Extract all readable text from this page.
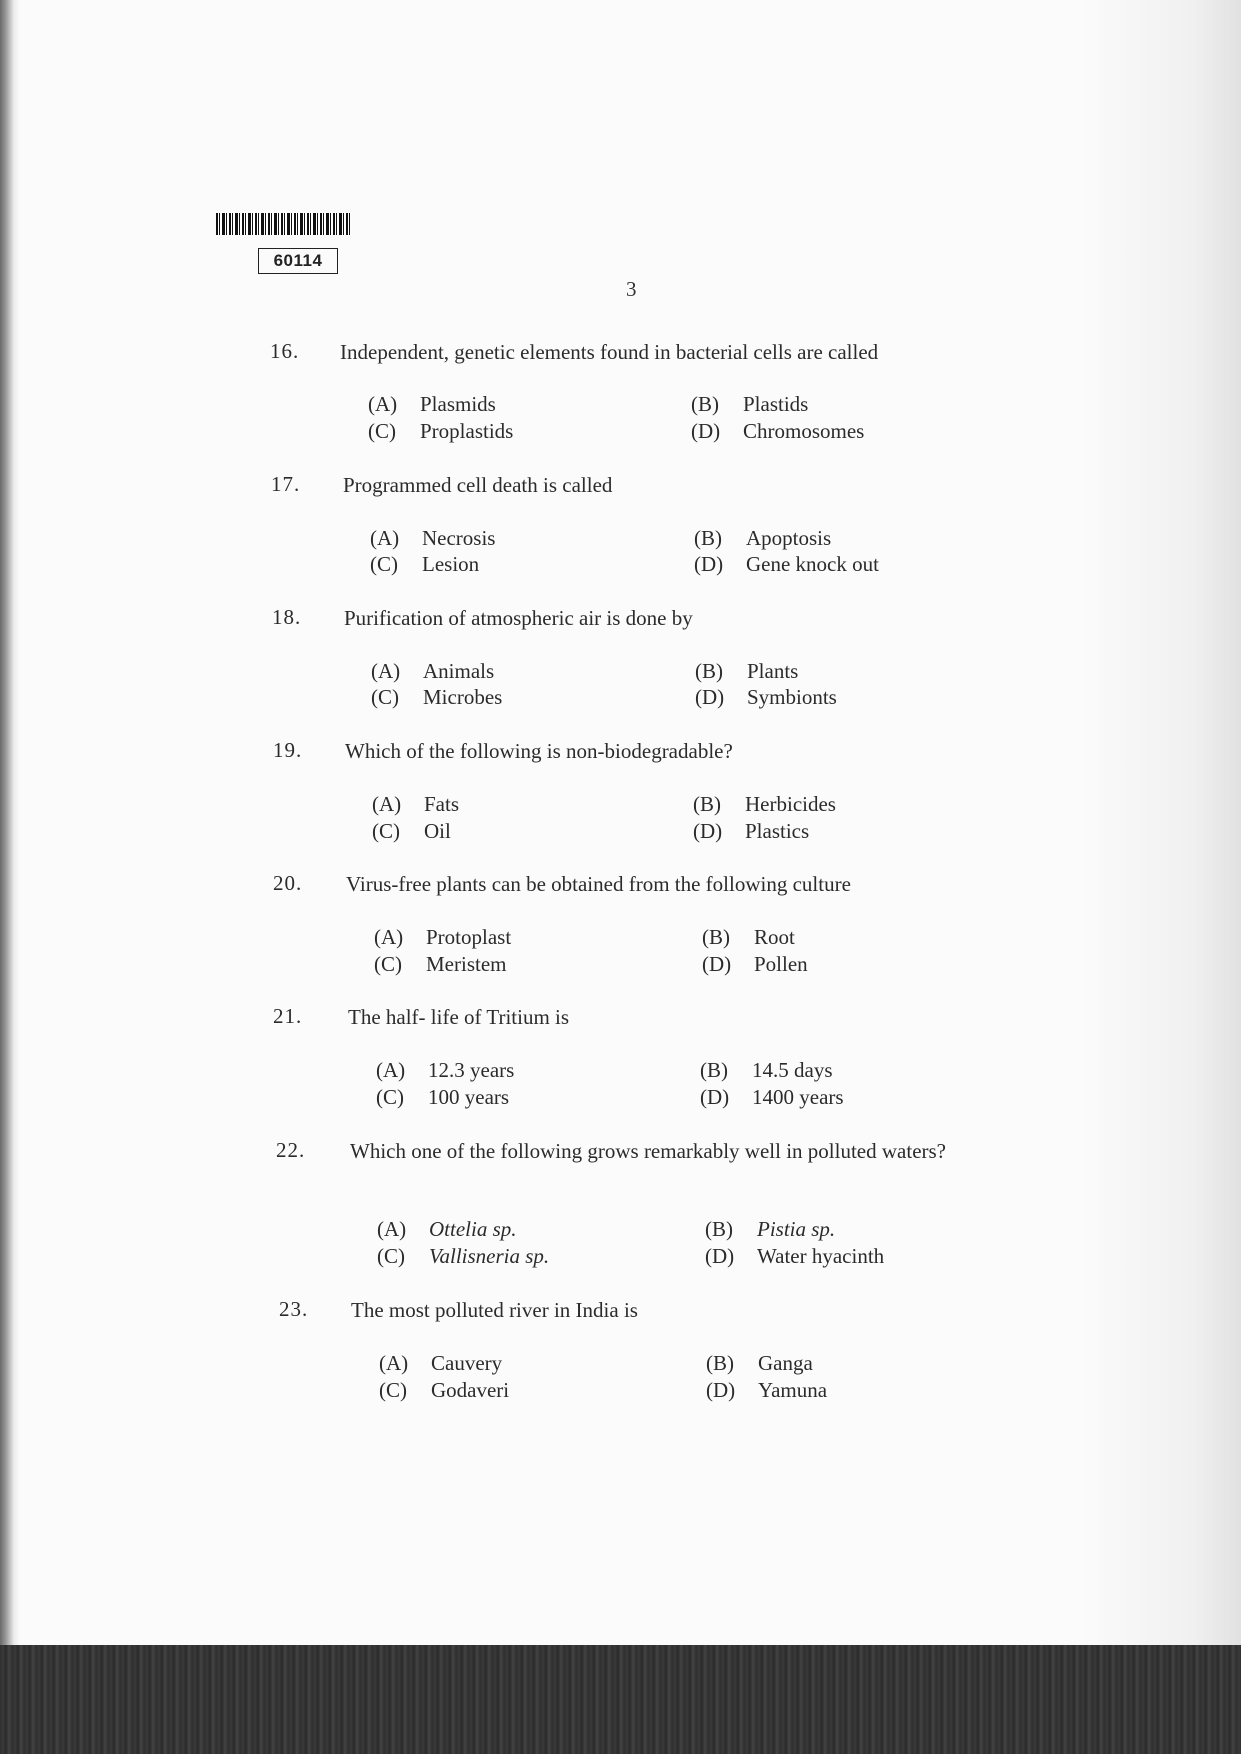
60114
3
16. Independent, genetic elements found in bacterial cells are called
(A) Plasmids	(B) Plastids
(C) Proplastids	(D) Chromosomes
17. Programmed cell death is called
(A) Necrosis	(B) Apoptosis
(C) Lesion	(D) Gene knock out
18. Purification of atmospheric air is done by
(A) Animals	(B) Plants
(C) Microbes	(D) Symbionts
19. Which of the following is non-biodegradable?
(A) Fats	(B) Herbicides
(C) Oil	(D) Plastics
20. Virus-free plants can be obtained from the following culture
(A) Protoplast	(B) Root
(C) Meristem	(D) Pollen
21. The half- life of Tritium is
(A) 12.3 years	(B) 14.5 days
(C) 100 years	(D) 1400 years
22. Which one of the following grows remarkably well in polluted waters?
(A) Ottelia sp.	(B) Pistia sp.
(C) Vallisneria sp.	(D) Water hyacinth
23. The most polluted river in India is
(A) Cauvery	(B) Ganga
(C) Godaveri	(D) Yamuna
